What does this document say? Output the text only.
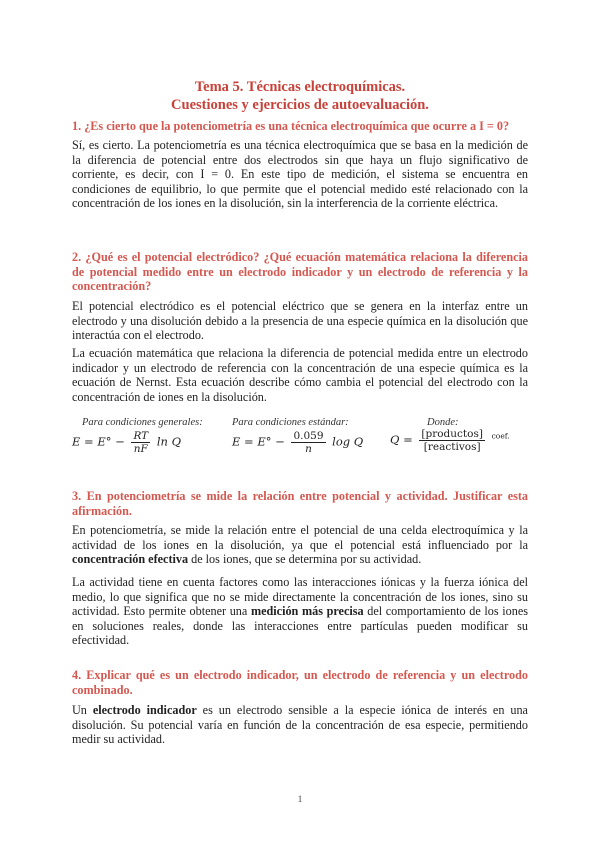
Tema 5. Técnicas electroquímicas.
Cuestiones y ejercicios de autoevaluación.
1. ¿Es cierto que la potenciometría es una técnica electroquímica que ocurre a I = 0?

Sí, es cierto. La potenciometría es una técnica electroquímica que se basa en la medición de la diferencia de potencial entre dos electrodos sin que haya un flujo significativo de corriente, es decir, con I = 0. En este tipo de medición, el sistema se encuentra en condiciones de equilibrio, lo que permite que el potencial medido esté relacionado con la concentración de los iones en la disolución, sin la interferencia de la corriente eléctrica.

2. ¿Qué es el potencial electródico? ¿Qué ecuación matemática relaciona la diferencia de potencial medido entre un electrodo indicador y un electrodo de referencia y la concentración?

El potencial electródico es el potencial eléctrico que se genera en la interfaz entre un electrodo y una disolución debido a la presencia de una especie química en la disolución que interactúa con el electrodo.

La ecuación matemática que relaciona la diferencia de potencial medida entre un electrodo indicador y un electrodo de referencia con la concentración de una especie química es la ecuación de Nernst. Esta ecuación describe cómo cambia el potencial del electrodo con la concentración de iones en la disolución.

Para condiciones generales:	Para condiciones estándar:	Donde:
$E = E^\circ - \frac{RT}{nF}$ ln Q	$E = E^\circ - \frac{0.059}{n}$ log Q $Q = \frac{\text{[productos]}}{\text{[reactivos]}} ^{coef.}$
3. En potenciometría se mide la relación entre potencial y actividad. Justificar esta afirmación.

En potenciometría, se mide la relación entre el potencial de una celda electroquímica y la actividad de los iones en la disolución, ya que el potencial está influenciado por la concentración efectiva de los iones, que se determina por su actividad.

La actividad tiene en cuenta factores como las interacciones iónicas y la fuerza iónica del medio, lo que significa que no se mide directamente la concentración de los iones, sino su actividad. Esto permite obtener una medición más precisa del comportamiento de los iones en soluciones reales, donde las interacciones entre partículas pueden modificar su efectividad.

4. Explicar qué es un electrodo indicador, un electrodo de referencia y un electrodo combinado.

Un electrodo indicador es un electrodo sensible a la especie iónica de interés en una disolución. Su potencial varía en función de la concentración de esa especie, permitiendo medir su actividad.

1
